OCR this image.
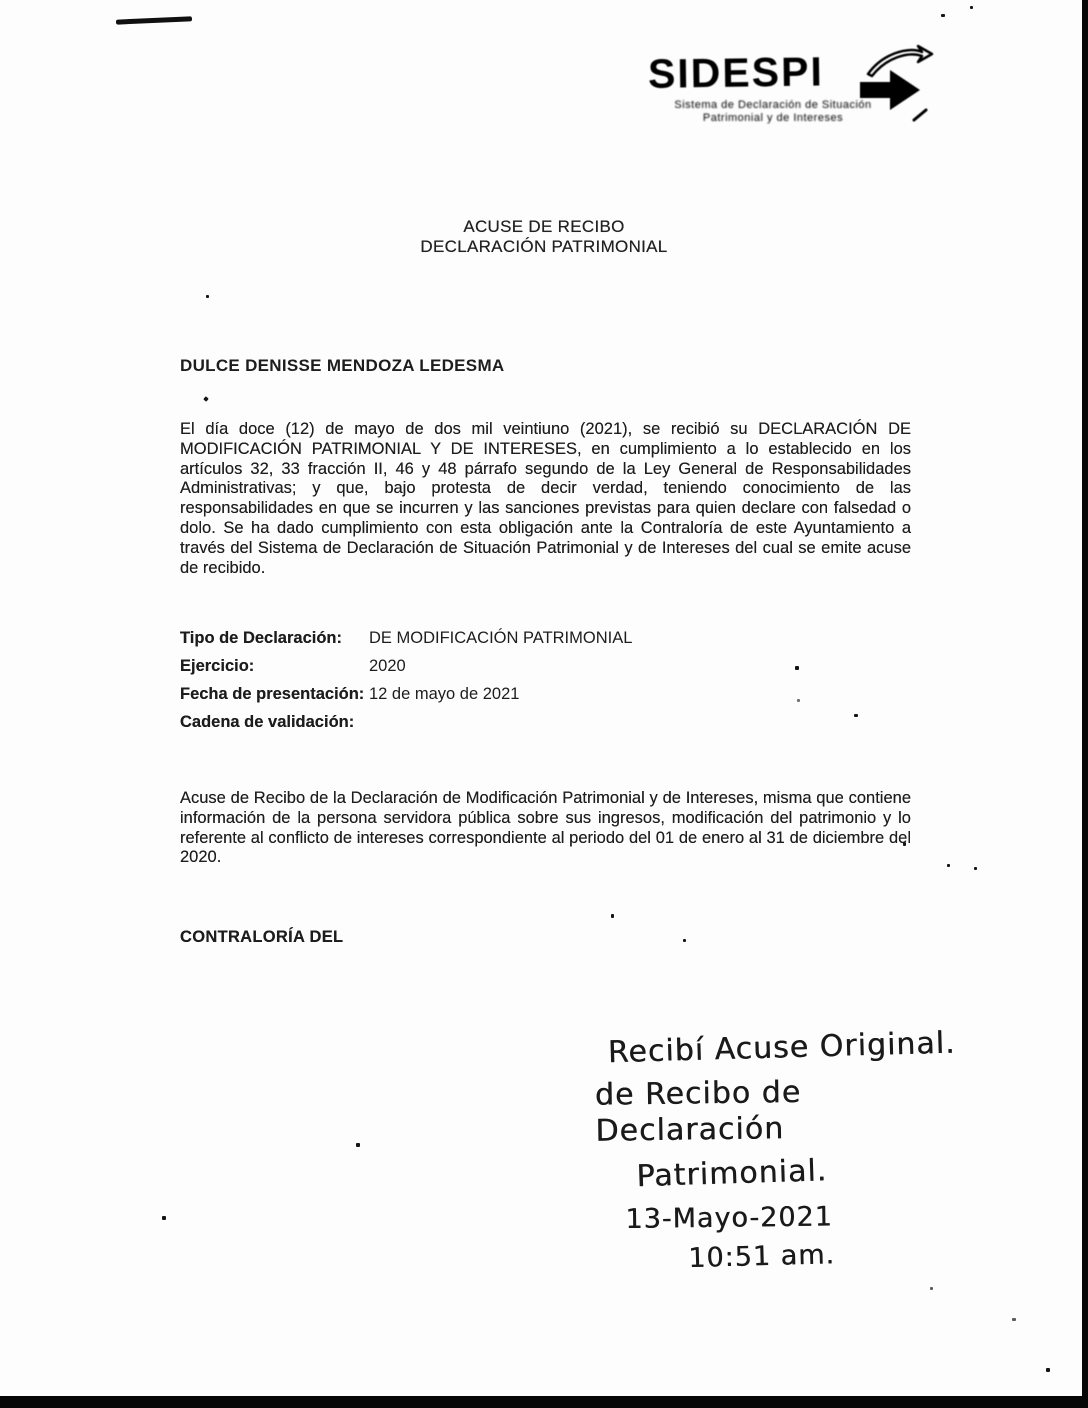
SIDESPI
Sistema de Declaración de Situación
Patrimonial y de Intereses
ACUSE DE RECIBO
DECLARACIÓN PATRIMONIAL
DULCE DENISSE MENDOZA LEDESMA
El día doce (12) de mayo de dos mil veintiuno (2021), se recibió su DECLARACIÓN DE MODIFICACIÓN PATRIMONIAL Y DE INTERESES, en cumplimiento a lo establecido en los artículos 32, 33 fracción II, 46 y 48 párrafo segundo de la Ley General de Responsabilidades Administrativas; y que, bajo protesta de decir verdad, teniendo conocimiento de las responsabilidades en que se incurren y las sanciones previstas para quien declare con falsedad o dolo. Se ha dado cumplimiento con esta obligación ante la Contraloría de este Ayuntamiento a través del Sistema de Declaración de Situación Patrimonial y de Intereses del cual se emite acuse de recibido.
Tipo de Declaración:	DE MODIFICACIÓN PATRIMONIAL
Ejercicio:	2020
Fecha de presentación: 12 de mayo de 2021
Cadena de validación:
Acuse de Recibo de la Declaración de Modificación Patrimonial y de Intereses, misma que contiene información de la persona servidora pública sobre sus ingresos, modificación del patrimonio y lo referente al conflicto de intereses correspondiente al periodo del 01 de enero al 31 de diciembre del 2020.
CONTRALORÍA DEL
Recibí Acuse Original.
de Recibo de Declaración
Patrimonial.
13-Mayo-2021
10:51 am.
